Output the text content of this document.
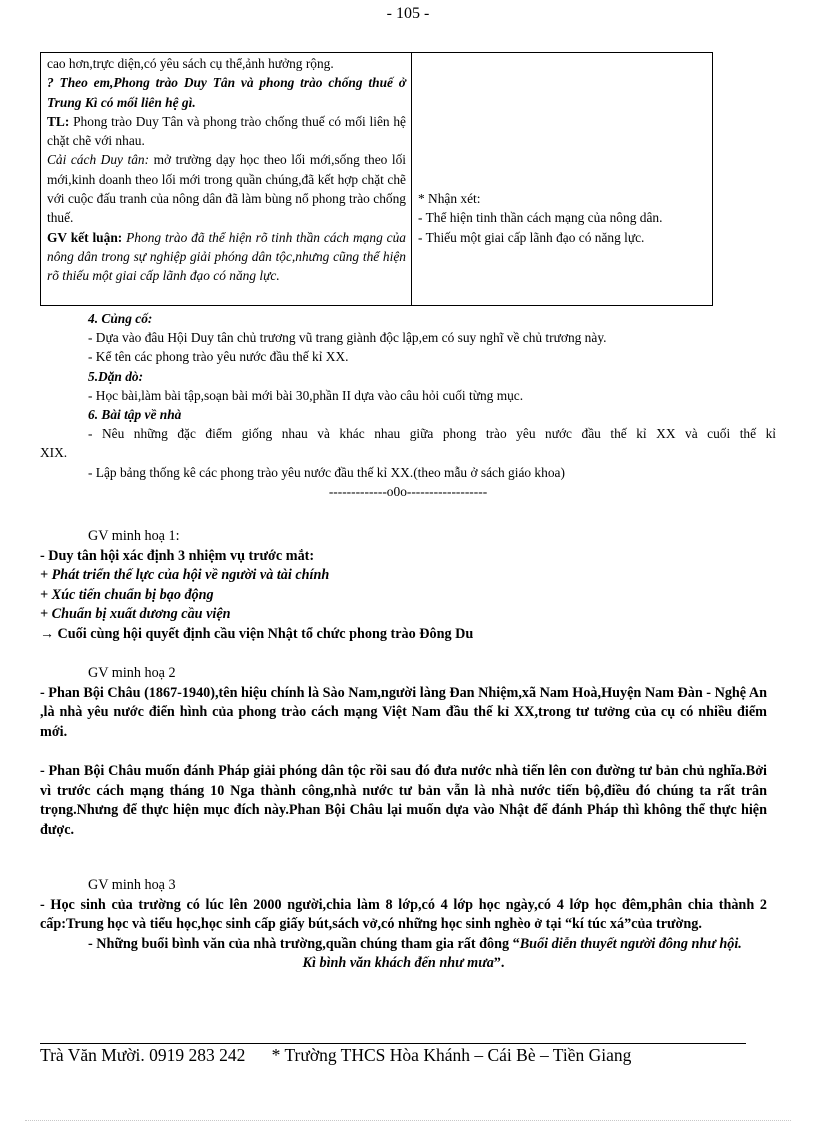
- 105 -

cao hơn,trực diện,có yêu sách cụ thể,ảnh hưởng rộng.

? Theo em,Phong trào Duy Tân và phong trào chống thuế ở Trung Kì có mối liên hệ gì.

TL: Phong trào Duy Tân và phong trào chống thuế có mối liên hệ chặt chẽ với nhau.

Cải cách Duy tân: mở trường dạy học theo lối mới,sống theo lối mới,kinh doanh theo lối mới trong quần chúng,đã kết hợp chặt chẽ với cuộc đấu tranh của nông dân đã làm bùng nổ phong trào chống thuế.

GV kết luận: Phong trào đã thể hiện rõ tinh thần cách mạng của nông dân trong sự nghiệp giải phóng dân tộc,nhưng cũng thể hiện rõ thiếu một giai cấp lãnh đạo có năng lực.

* Nhận xét:

- Thể hiện tinh thần cách mạng của nông dân.

- Thiếu một giai cấp lãnh đạo có năng lực.

4. Củng cố:

- Dựa vào đâu Hội Duy tân chủ trương vũ trang giành độc lập,em có suy nghĩ về chủ trương này.

- Kể tên các phong trào yêu nước đầu thế kỉ XX.

5.Dặn dò:

- Học bài,làm bài tập,soạn bài mới bài 30,phần II dựa vào câu hỏi cuối từng mục.

6. Bài tập về nhà

- Nêu những đặc điểm giống nhau và khác nhau giữa phong trào yêu nước đầu thế kỉ XX và cuối thế kỉ

XIX.

- Lập bảng thống kê các phong trào yêu nước đầu thế kỉ XX.(theo mẫu ở sách giáo khoa)

-------------o0o------------------

GV minh hoạ 1:

- Duy tân hội xác định 3 nhiệm vụ trước mắt:

+ Phát triển thế lực của hội về người và tài chính

+ Xúc tiến chuẩn bị bạo động

+ Chuẩn bị xuất dương cầu viện

→ Cuối cùng hội quyết định cầu viện Nhật tổ chức phong trào Đông Du

GV minh hoạ 2

- Phan Bội Châu (1867-1940),tên hiệu chính là Sào Nam,người làng Đan Nhiệm,xã Nam Hoà,Huyện Nam Đàn - Nghệ An ,là nhà yêu nước điển hình của phong trào cách mạng Việt Nam đầu thế kỉ XX,trong tư tưởng của cụ có nhiều điểm mới.

- Phan Bội Châu muốn đánh Pháp giải phóng dân tộc rồi sau đó đưa nước nhà tiến lên con đường tư bản chủ nghĩa.Bởi vì trước cách mạng tháng 10 Nga thành công,nhà nước tư bản vẫn là nhà nước tiến bộ,điều đó chúng ta rất trân trọng.Nhưng để thực hiện mục đích này.Phan Bội Châu lại muốn dựa vào Nhật để đánh Pháp thì không thể thực hiện được.

GV minh hoạ 3

- Học sinh của trường có lúc lên 2000 người,chia làm 8 lớp,có 4 lớp học ngày,có 4 lớp học đêm,phân chia thành 2 cấp:Trung học và tiểu học,học sinh cấp giấy bút,sách vở,có những học sinh nghèo ở tại “kí túc xá”của trường.

- Những buổi bình văn của nhà trường,quần chúng tham gia rất đông “Buổi diễn thuyết người đông như hội.

Kì bình văn khách đến như mưa”.

Trà Văn Mười. 0919 283 242      * Trường THCS Hòa Khánh – Cái Bè – Tiền Giang
